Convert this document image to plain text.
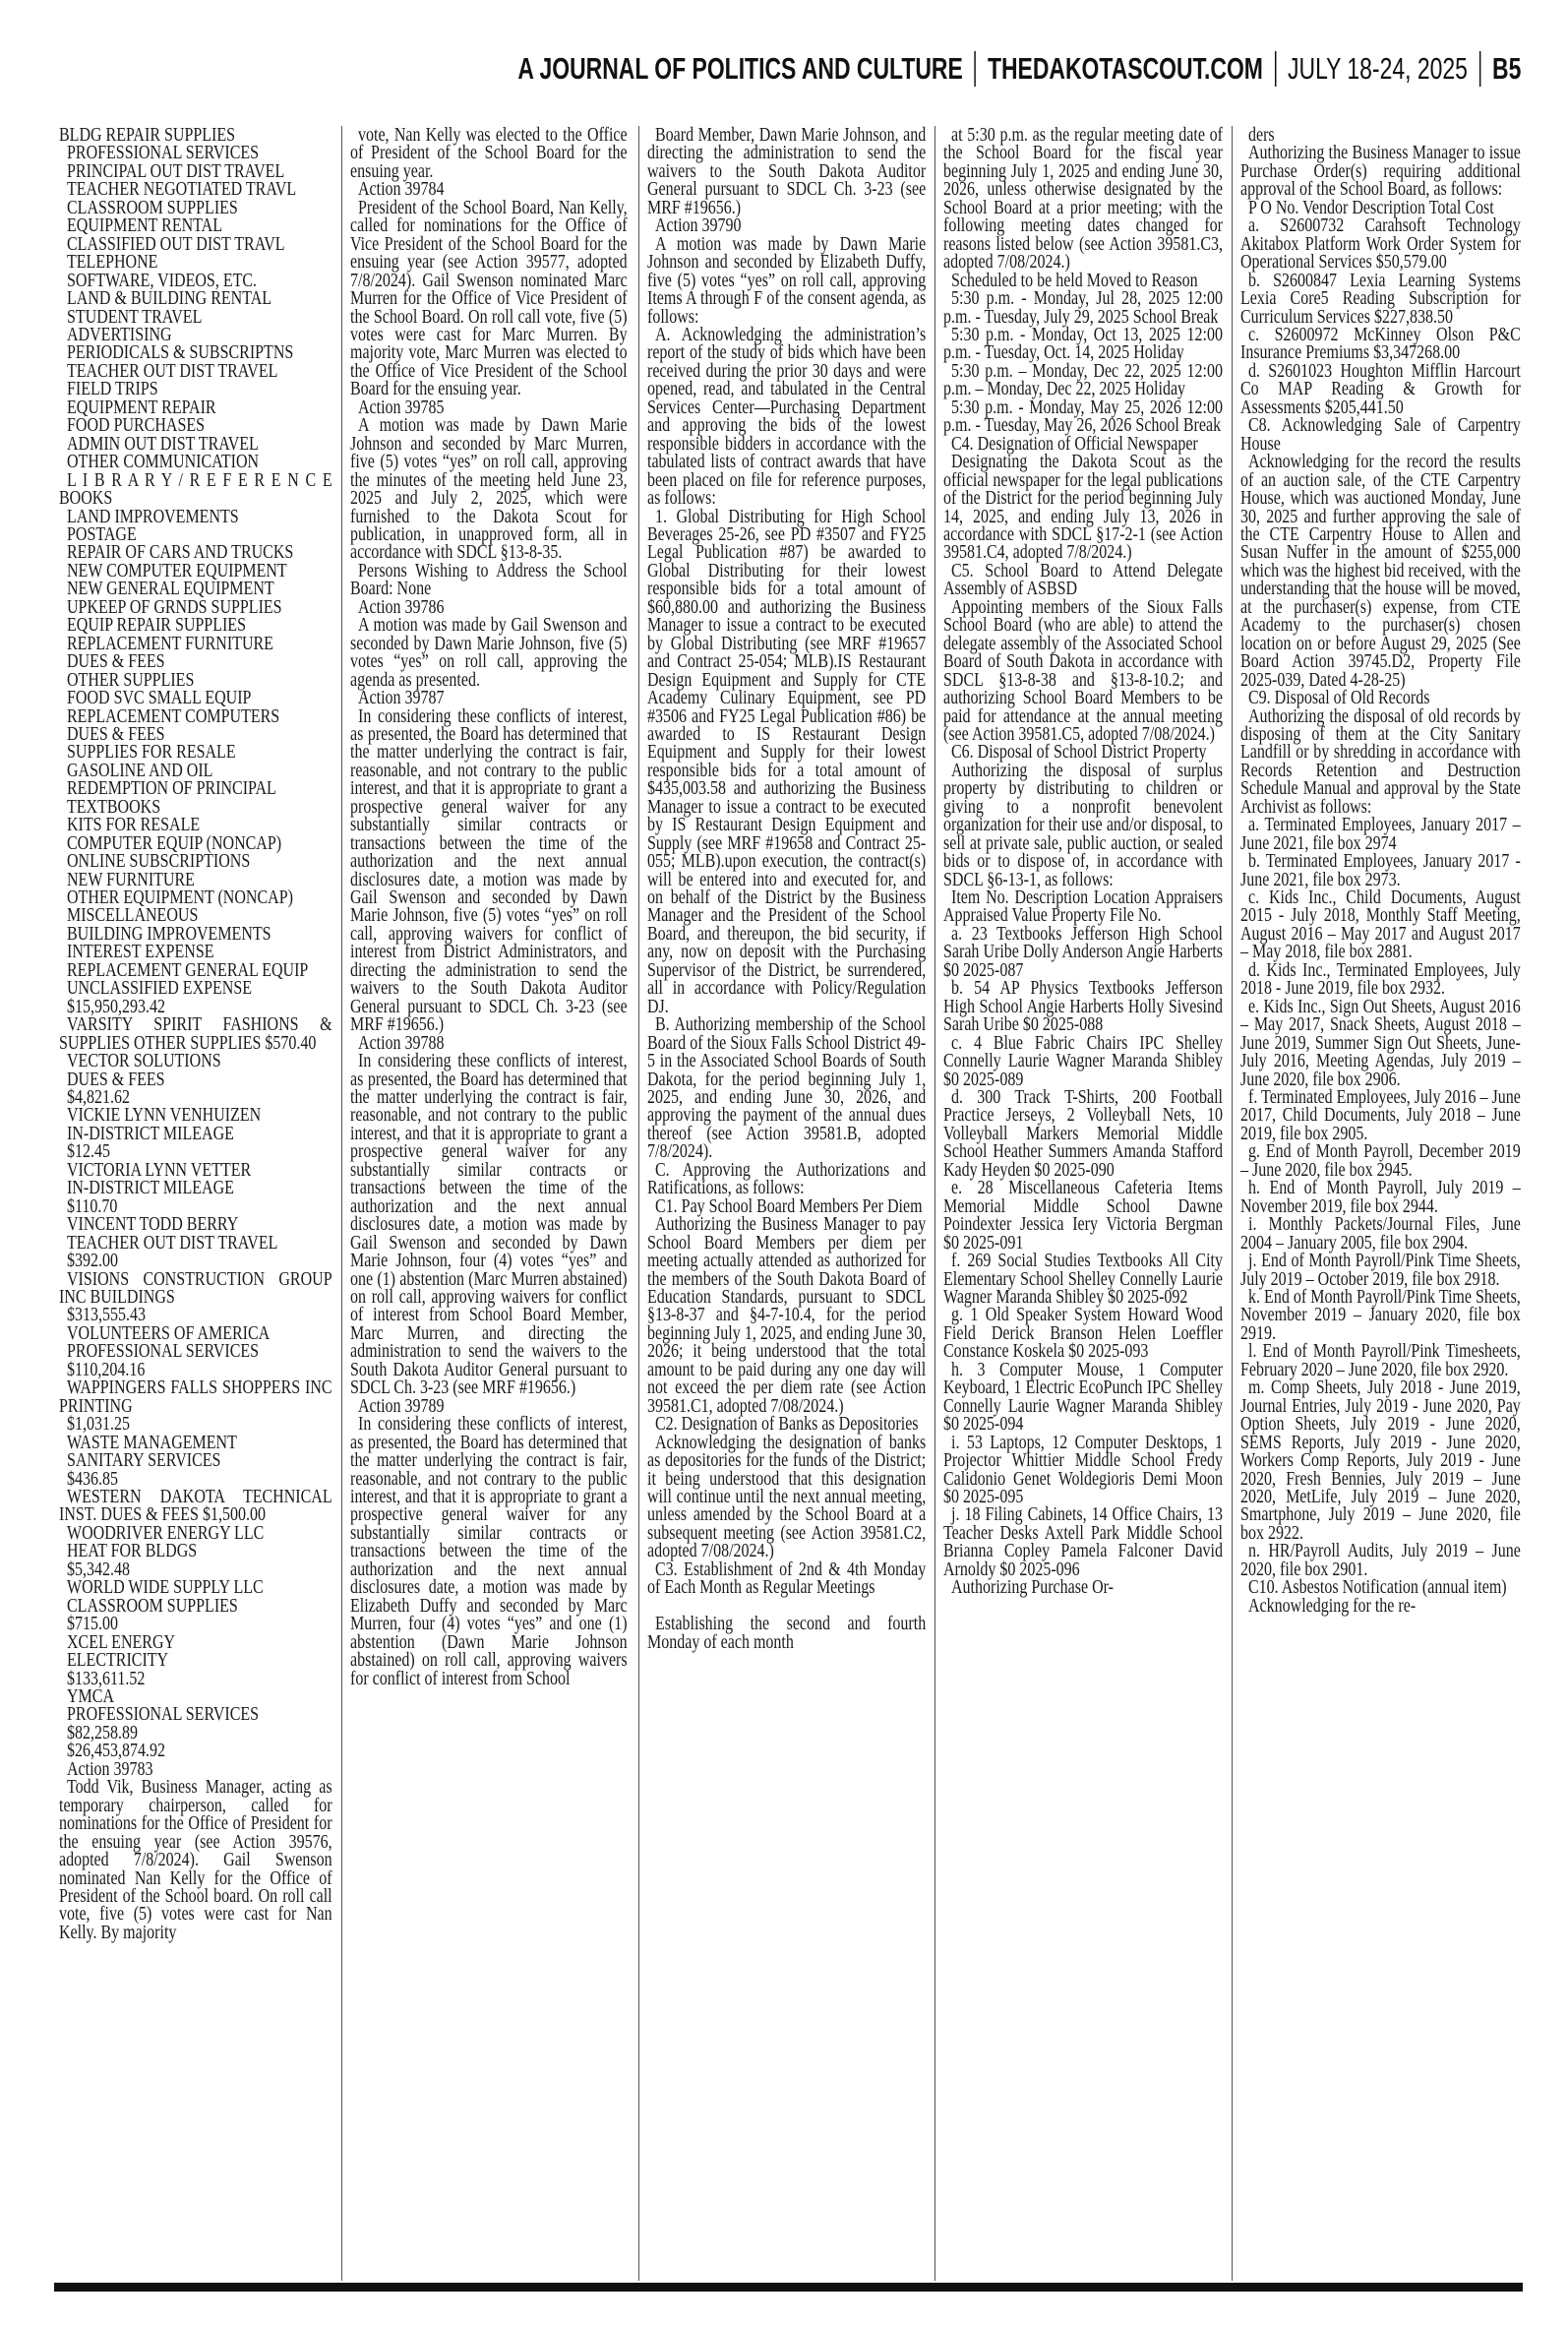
A JOURNAL OF POLITICS AND CULTURE THEDAKOTASCOUT.COM JULY 18-24, 2025 B5

BLDG REPAIR SUPPLIES

PROFESSIONAL SERVICES

PRINCIPAL OUT DIST TRAVEL

TEACHER NEGOTIATED TRAVL

CLASSROOM SUPPLIES

EQUIPMENT RENTAL

CLASSIFIED OUT DIST TRAVL

TELEPHONE

SOFTWARE, VIDEOS, ETC.

LAND & BUILDING RENTAL

STUDENT TRAVEL

ADVERTISING

PERIODICALS & SUBSCRIPTNS

TEACHER OUT DIST TRAVEL

FIELD TRIPS

EQUIPMENT REPAIR

FOOD PURCHASES

ADMIN OUT DIST TRAVEL

OTHER COMMUNICATION

L I B R A R Y / R E F E R E N C E BOOKS

LAND IMPROVEMENTS

POSTAGE

REPAIR OF CARS AND TRUCKS

NEW COMPUTER EQUIPMENT

NEW GENERAL EQUIPMENT

UPKEEP OF GRNDS SUPPLIES

EQUIP REPAIR SUPPLIES

REPLACEMENT FURNITURE

DUES & FEES

OTHER SUPPLIES

FOOD SVC SMALL EQUIP

REPLACEMENT COMPUTERS

DUES & FEES

SUPPLIES FOR RESALE

GASOLINE AND OIL

REDEMPTION OF PRINCIPAL

TEXTBOOKS

KITS FOR RESALE

COMPUTER EQUIP (NONCAP)

ONLINE SUBSCRIPTIONS

NEW FURNITURE

OTHER EQUIPMENT (NONCAP)

MISCELLANEOUS

BUILDING IMPROVEMENTS

INTEREST EXPENSE

REPLACEMENT GENERAL EQUIP

UNCLASSIFIED EXPENSE

$15,950,293.42

VARSITY SPIRIT FASHIONS & SUPPLIES OTHER SUPPLIES $570.40

VECTOR SOLUTIONS

DUES & FEES

$4,821.62

VICKIE LYNN VENHUIZEN

IN-DISTRICT MILEAGE

$12.45

VICTORIA LYNN VETTER

IN-DISTRICT MILEAGE

$110.70

VINCENT TODD BERRY

TEACHER OUT DIST TRAVEL

$392.00

VISIONS CONSTRUCTION GROUP INC BUILDINGS

$313,555.43

VOLUNTEERS OF AMERICA

PROFESSIONAL SERVICES

$110,204.16

WAPPINGERS FALLS SHOPPERS INC PRINTING

$1,031.25

WASTE MANAGEMENT

SANITARY SERVICES

$436.85

WESTERN DAKOTA TECHNICAL INST. DUES & FEES $1,500.00

WOODRIVER ENERGY LLC

HEAT FOR BLDGS

$5,342.48

WORLD WIDE SUPPLY LLC

CLASSROOM SUPPLIES

$715.00

XCEL ENERGY

ELECTRICITY

$133,611.52

YMCA

PROFESSIONAL SERVICES

$82,258.89

$26,453,874.92

Action 39783

Todd Vik, Business Manager, acting as temporary chairperson, called for nominations for the Office of President for the ensuing year (see Action 39576, adopted 7/8/2024). Gail Swenson nominated Nan Kelly for the Office of President of the School board. On roll call vote, five (5) votes were cast for Nan Kelly. By majority

vote, Nan Kelly was elected to the Office of President of the School Board for the ensuing year.

Action 39784

President of the School Board, Nan Kelly, called for nominations for the Office of Vice President of the School Board for the ensuing year (see Action 39577, adopted 7/8/2024). Gail Swenson nominated Marc Murren for the Office of Vice President of the School Board. On roll call vote, five (5) votes were cast for Marc Murren. By majority vote, Marc Murren was elected to the Office of Vice President of the School Board for the ensuing year.

Action 39785

A motion was made by Dawn Marie Johnson and seconded by Marc Murren, five (5) votes “yes” on roll call, approving the minutes of the meeting held June 23, 2025 and July 2, 2025, which were furnished to the Dakota Scout for publication, in unapproved form, all in accordance with SDCL §13-8-35.

Persons Wishing to Address the School Board: None

Action 39786

A motion was made by Gail Swenson and seconded by Dawn Marie Johnson, five (5) votes “yes” on roll call, approving the agenda as presented.

Action 39787

In considering these conflicts of interest, as presented, the Board has determined that the matter underlying the contract is fair, reasonable, and not contrary to the public interest, and that it is appropriate to grant a prospective general waiver for any substantially similar contracts or transactions between the time of the authorization and the next annual disclosures date, a motion was made by Gail Swenson and seconded by Dawn Marie Johnson, five (5) votes “yes” on roll call, approving waivers for conflict of interest from District Administrators, and directing the administration to send the waivers to the South Dakota Auditor General pursuant to SDCL Ch. 3-23 (see MRF #19656.)

Action 39788

In considering these conflicts of interest, as presented, the Board has determined that the matter underlying the contract is fair, reasonable, and not contrary to the public interest, and that it is appropriate to grant a prospective general waiver for any substantially similar contracts or transactions between the time of the authorization and the next annual disclosures date, a motion was made by Gail Swenson and seconded by Dawn Marie Johnson, four (4) votes “yes” and one (1) abstention (Marc Murren abstained) on roll call, approving waivers for conflict of interest from School Board Member, Marc Murren, and directing the administration to send the waivers to the South Dakota Auditor General pursuant to SDCL Ch. 3-23 (see MRF #19656.)

Action 39789

In considering these conflicts of interest, as presented, the Board has determined that the matter underlying the contract is fair, reasonable, and not contrary to the public interest, and that it is appropriate to grant a prospective general waiver for any substantially similar contracts or transactions between the time of the authorization and the next annual disclosures date, a motion was made by Elizabeth Duffy and seconded by Marc Murren, four (4) votes “yes” and one (1) abstention (Dawn Marie Johnson abstained) on roll call, approving waivers for conflict of interest from School

Board Member, Dawn Marie Johnson, and directing the administration to send the waivers to the South Dakota Auditor General pursuant to SDCL Ch. 3-23 (see MRF #19656.)

Action 39790

A motion was made by Dawn Marie Johnson and seconded by Elizabeth Duffy, five (5) votes “yes” on roll call, approving Items A through F of the consent agenda, as follows:

A. Acknowledging the administration’s report of the study of bids which have been received during the prior 30 days and were opened, read, and tabulated in the Central Services Center—Purchasing Department and approving the bids of the lowest responsible bidders in accordance with the tabulated lists of contract awards that have been placed on file for reference purposes, as follows:

1. Global Distributing for High School Beverages 25-26, see PD #3507 and FY25 Legal Publication #87) be awarded to Global Distributing for their lowest responsible bids for a total amount of $60,880.00 and authorizing the Business Manager to issue a contract to be executed by Global Distributing (see MRF #19657 and Contract 25-054; MLB).IS Restaurant Design Equipment and Supply for CTE Academy Culinary Equipment, see PD #3506 and FY25 Legal Publication #86) be awarded to IS Restaurant Design Equipment and Supply for their lowest responsible bids for a total amount of $435,003.58 and authorizing the Business Manager to issue a contract to be executed by IS Restaurant Design Equipment and Supply (see MRF #19658 and Contract 25-055; MLB).upon execution, the contract(s) will be entered into and executed for, and on behalf of the District by the Business Manager and the President of the School Board, and thereupon, the bid security, if any, now on deposit with the Purchasing Supervisor of the District, be surrendered, all in accordance with Policy/Regulation DJ.

B. Authorizing membership of the School Board of the Sioux Falls School District 49-5 in the Associated School Boards of South Dakota, for the period beginning July 1, 2025, and ending June 30, 2026, and approving the payment of the annual dues thereof (see Action 39581.B, adopted 7/8/2024).

C. Approving the Authorizations and Ratifications, as follows:

C1. Pay School Board Members Per Diem

Authorizing the Business Manager to pay School Board Members per diem per meeting actually attended as authorized for the members of the South Dakota Board of Education Standards, pursuant to SDCL §13-8-37 and §4-7-10.4, for the period beginning July 1, 2025, and ending June 30, 2026; it being understood that the total amount to be paid during any one day will not exceed the per diem rate (see Action 39581.C1, adopted 7/08/2024.)

C2. Designation of Banks as Depositories

Acknowledging the designation of banks as depositories for the funds of the District; it being understood that this designation will continue until the next annual meeting, unless amended by the School Board at a subsequent meeting (see Action 39581.C2, adopted 7/08/2024.)

C3. Establishment of 2nd & 4th Monday of Each Month as Regular Meetings

Establishing the second and fourth Monday of each month

at 5:30 p.m. as the regular meeting date of the School Board for the fiscal year beginning July 1, 2025 and ending June 30, 2026, unless otherwise designated by the School Board at a prior meeting; with the following meeting dates changed for reasons listed below (see Action 39581.C3, adopted 7/08/2024.)

Scheduled to be held Moved to Reason

5:30 p.m. - Monday, Jul 28, 2025 12:00 p.m. - Tuesday, July 29, 2025 School Break

5:30 p.m. - Monday, Oct 13, 2025 12:00 p.m. - Tuesday, Oct. 14, 2025 Holiday

5:30 p.m. – Monday, Dec 22, 2025 12:00 p.m. – Monday, Dec 22, 2025 Holiday

5:30 p.m. - Monday, May 25, 2026 12:00 p.m. - Tuesday, May 26, 2026 School Break

C4. Designation of Official Newspaper

Designating the Dakota Scout as the official newspaper for the legal publications of the District for the period beginning July 14, 2025, and ending July 13, 2026 in accordance with SDCL §17-2-1 (see Action 39581.C4, adopted 7/8/2024.)

C5. School Board to Attend Delegate Assembly of ASBSD

Appointing members of the Sioux Falls School Board (who are able) to attend the delegate assembly of the Associated School Board of South Dakota in accordance with SDCL §13-8-38 and §13-8-10.2; and authorizing School Board Members to be paid for attendance at the annual meeting (see Action 39581.C5, adopted 7/08/2024.)

C6. Disposal of School District Property

Authorizing the disposal of surplus property by distributing to children or giving to a nonprofit benevolent organization for their use and/or disposal, to sell at private sale, public auction, or sealed bids or to dispose of, in accordance with SDCL §6-13-1, as follows:

Item No. Description Location Appraisers Appraised Value Property File No.

a. 23 Textbooks Jefferson High School Sarah Uribe Dolly Anderson Angie Harberts $0 2025-087

b. 54 AP Physics Textbooks Jefferson High School Angie Harberts Holly Sivesind Sarah Uribe $0 2025-088

c. 4 Blue Fabric Chairs IPC Shelley Connelly Laurie Wagner Maranda Shibley $0 2025-089

d. 300 Track T-Shirts, 200 Football Practice Jerseys, 2 Volleyball Nets, 10 Volleyball Markers Memorial Middle School Heather Summers Amanda Stafford Kady Heyden $0 2025-090

e. 28 Miscellaneous Cafeteria Items Memorial Middle School Dawne Poindexter Jessica Iery Victoria Bergman $0 2025-091

f. 269 Social Studies Textbooks All City Elementary School Shelley Connelly Laurie Wagner Maranda Shibley $0 2025-092

g. 1 Old Speaker System Howard Wood Field Derick Branson Helen Loeffler Constance Koskela $0 2025-093

h. 3 Computer Mouse, 1 Computer Keyboard, 1 Electric EcoPunch IPC Shelley Connelly Laurie Wagner Maranda Shibley $0 2025-094

i. 53 Laptops, 12 Computer Desktops, 1 Projector Whittier Middle School Fredy Calidonio Genet Woldegioris Demi Moon $0 2025-095

j. 18 Filing Cabinets, 14 Office Chairs, 13 Teacher Desks Axtell Park Middle School Brianna Copley Pamela Falconer David Arnoldy $0 2025-096

Authorizing Purchase Or-

ders

Authorizing the Business Manager to issue Purchase Order(s) requiring additional approval of the School Board, as follows:

P O No. Vendor Description Total Cost

a. S2600732 Carahsoft Technology Akitabox Platform Work Order System for Operational Services $50,579.00

b. S2600847 Lexia Learning Systems Lexia Core5 Reading Subscription for Curriculum Services $227,838.50

c. S2600972 McKinney Olson P&C Insurance Premiums $3,347268.00

d. S2601023 Houghton Mifflin Harcourt Co MAP Reading & Growth for Assessments $205,441.50

C8. Acknowledging Sale of Carpentry House

Acknowledging for the record the results of an auction sale, of the CTE Carpentry House, which was auctioned Monday, June 30, 2025 and further approving the sale of the CTE Carpentry House to Allen and Susan Nuffer in the amount of $255,000 which was the highest bid received, with the understanding that the house will be moved, at the purchaser(s) expense, from CTE Academy to the purchaser(s) chosen location on or before August 29, 2025 (See Board Action 39745.D2, Property File 2025-039, Dated 4-28-25)

C9. Disposal of Old Records

Authorizing the disposal of old records by disposing of them at the City Sanitary Landfill or by shredding in accordance with Records Retention and Destruction Schedule Manual and approval by the State Archivist as follows:

a. Terminated Employees, January 2017 – June 2021, file box 2974

b. Terminated Employees, January 2017 - June 2021, file box 2973.

c. Kids Inc., Child Documents, August 2015 - July 2018, Monthly Staff Meeting, August 2016 – May 2017 and August 2017 – May 2018, file box 2881.

d. Kids Inc., Terminated Employees, July 2018 - June 2019, file box 2932.

e. Kids Inc., Sign Out Sheets, August 2016 – May 2017, Snack Sheets, August 2018 – June 2019, Summer Sign Out Sheets, June-July 2016, Meeting Agendas, July 2019 – June 2020, file box 2906.

f. Terminated Employees, July 2016 – June 2017, Child Documents, July 2018 – June 2019, file box 2905.

g. End of Month Payroll, December 2019 – June 2020, file box 2945.

h. End of Month Payroll, July 2019 – November 2019, file box 2944.

i. Monthly Packets/Journal Files, June 2004 – January 2005, file box 2904.

j. End of Month Payroll/Pink Time Sheets, July 2019 – October 2019, file box 2918.

k. End of Month Payroll/Pink Time Sheets, November 2019 – January 2020, file box 2919.

l. End of Month Payroll/Pink Timesheets, February 2020 – June 2020, file box 2920.

m. Comp Sheets, July 2018 - June 2019, Journal Entries, July 2019 - June 2020, Pay Option Sheets, July 2019 - June 2020, SEMS Reports, July 2019 - June 2020, Workers Comp Reports, July 2019 - June 2020, Fresh Bennies, July 2019 – June 2020, MetLife, July 2019 – June 2020, Smartphone, July 2019 – June 2020, file box 2922.

n. HR/Payroll Audits, July 2019 – June 2020, file box 2901.

C10. Asbestos Notification (annual item)

Acknowledging for the re-
